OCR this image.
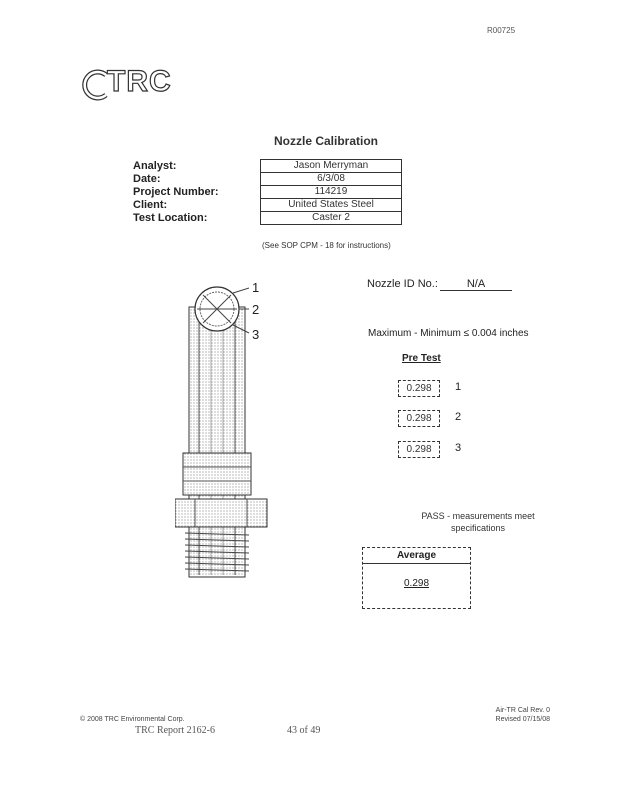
R00725
TRC
Nozzle Calibration
Analyst:	Jason Merryman
Date:	6/3/08
Project Number:	114219
Client:	United States Steel
Test Location:	Caster 2
(See SOP CPM - 18 for instructions)
1
2
3
Nozzle ID No.:	N/A
Maximum - Minimum ≤ 0.004 inches
Pre Test
0.298	1
0.298	2
0.298	3
PASS - measurements meet specifications
Average
0.298
© 2008 TRC Environmental Corp.
TRC Report 2162-6	43 of 49
Air-TR Cal Rev. 0
Revised 07/15/08
